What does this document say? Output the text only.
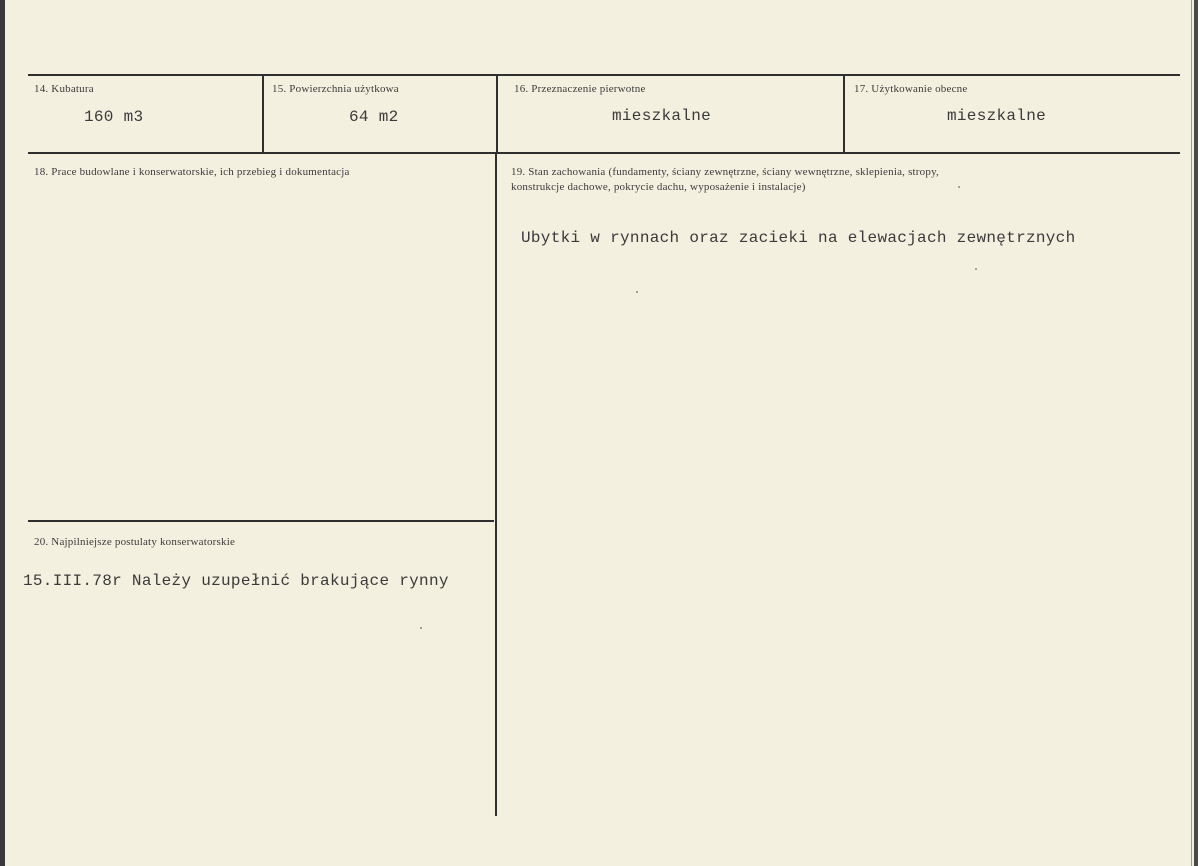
14. Kubatura
160 m3
15. Powierzchnia użytkowa
64 m2
16. Przeznaczenie pierwotne
mieszkalne
17. Użytkowanie obecne
mieszkalne
18. Prace budowlane i konserwatorskie, ich przebieg i dokumentacja	19. Stan zachowania (fundamenty, ściany zewnętrzne, ściany wewnętrzne, sklepienia, stropy,
konstrukcje dachowe, pokrycie dachu, wyposażenie i instalacje)
Ubytki w rynnach oraz zacieki na elewacjach zewnętrznych
20. Najpilniejsze postulaty konserwatorskie
15.III.78r Należy uzupełnić brakujące rynny
